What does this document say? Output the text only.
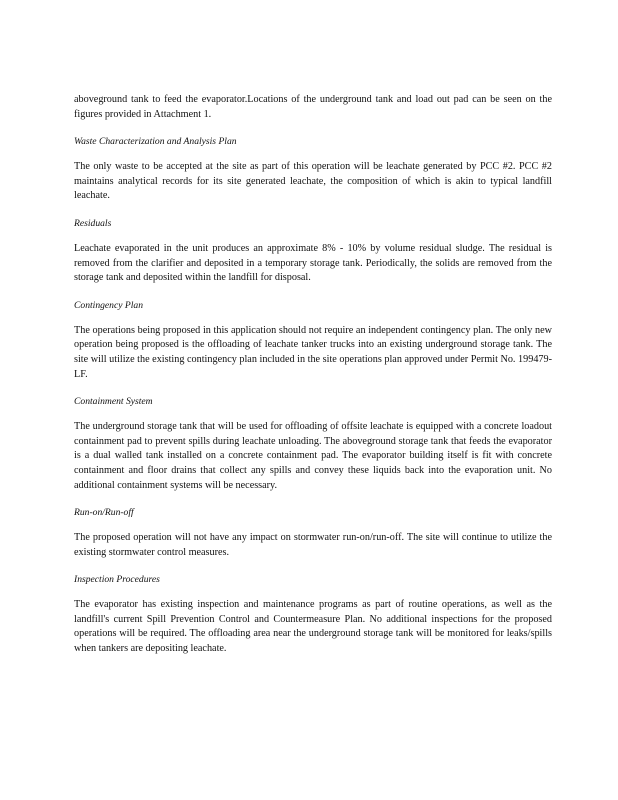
aboveground tank to feed the evaporator.Locations of the underground tank and load out pad can be seen on the figures provided in Attachment 1.

Waste Characterization and Analysis Plan

The only waste to be accepted at the site as part of this operation will be leachate generated by PCC #2. PCC #2 maintains analytical records for its site generated leachate, the composition of which is akin to typical landfill leachate.

Residuals

Leachate evaporated in the unit produces an approximate 8% - 10% by volume residual sludge. The residual is removed from the clarifier and deposited in a temporary storage tank. Periodically, the solids are removed from the storage tank and deposited within the landfill for disposal.

Contingency Plan

The operations being proposed in this application should not require an independent contingency plan. The only new operation being proposed is the offloading of leachate tanker trucks into an existing underground storage tank. The site will utilize the existing contingency plan included in the site operations plan approved under Permit No. 199479-LF.

Containment System

The underground storage tank that will be used for offloading of offsite leachate is equipped with a concrete loadout containment pad to prevent spills during leachate unloading. The aboveground storage tank that feeds the evaporator is a dual walled tank installed on a concrete containment pad. The evaporator building itself is fit with concrete containment and floor drains that collect any spills and convey these liquids back into the evaporation unit. No additional containment systems will be necessary.

Run-on/Run-off

The proposed operation will not have any impact on stormwater run-on/run-off. The site will continue to utilize the existing stormwater control measures.

Inspection Procedures

The evaporator has existing inspection and maintenance programs as part of routine operations, as well as the landfill's current Spill Prevention Control and Countermeasure Plan. No additional inspections for the proposed operations will be required. The offloading area near the underground storage tank will be monitored for leaks/spills when tankers are depositing leachate.
